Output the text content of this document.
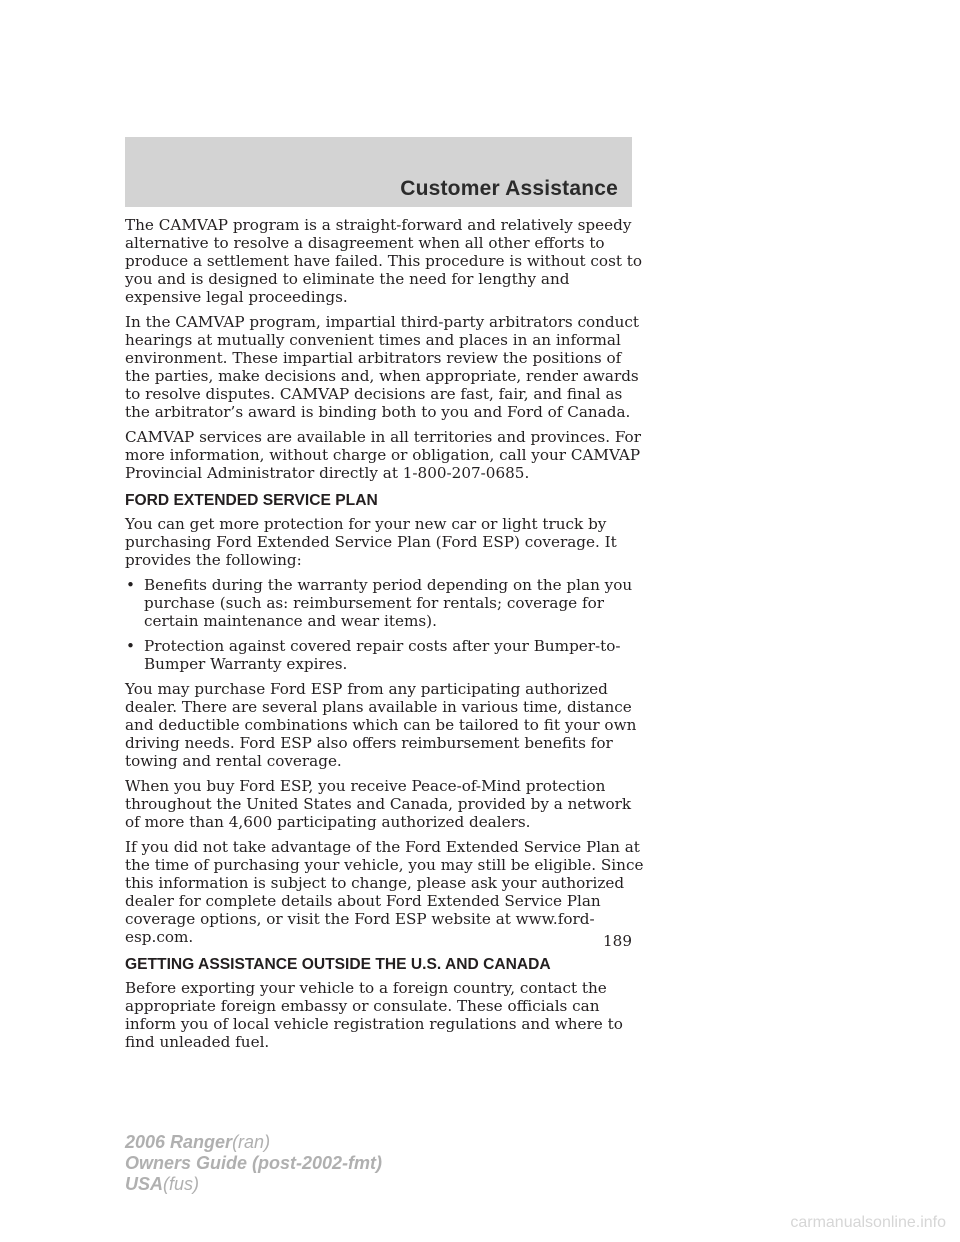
Customer Assistance

The CAMVAP program is a straight-forward and relatively speedy alternative to resolve a disagreement when all other efforts to produce a settlement have failed. This procedure is without cost to you and is designed to eliminate the need for lengthy and expensive legal proceedings.

In the CAMVAP program, impartial third-party arbitrators conduct hearings at mutually convenient times and places in an informal environment. These impartial arbitrators review the positions of the parties, make decisions and, when appropriate, render awards to resolve disputes. CAMVAP decisions are fast, fair, and final as the arbitrator’s award is binding both to you and Ford of Canada.

CAMVAP services are available in all territories and provinces. For more information, without charge or obligation, call your CAMVAP Provincial Administrator directly at 1-800-207-0685.

FORD EXTENDED SERVICE PLAN

You can get more protection for your new car or light truck by purchasing Ford Extended Service Plan (Ford ESP) coverage. It provides the following:

• Benefits during the warranty period depending on the plan you purchase (such as: reimbursement for rentals; coverage for certain maintenance and wear items).
• Protection against covered repair costs after your Bumper-to-Bumper Warranty expires.

You may purchase Ford ESP from any participating authorized dealer. There are several plans available in various time, distance and deductible combinations which can be tailored to fit your own driving needs. Ford ESP also offers reimbursement benefits for towing and rental coverage.

When you buy Ford ESP, you receive Peace-of-Mind protection throughout the United States and Canada, provided by a network of more than 4,600 participating authorized dealers.

If you did not take advantage of the Ford Extended Service Plan at the time of purchasing your vehicle, you may still be eligible. Since this information is subject to change, please ask your authorized dealer for complete details about Ford Extended Service Plan coverage options, or visit the Ford ESP website at www.ford-esp.com.

GETTING ASSISTANCE OUTSIDE THE U.S. AND CANADA

Before exporting your vehicle to a foreign country, contact the appropriate foreign embassy or consulate. These officials can inform you of local vehicle registration regulations and where to find unleaded fuel.

189
2006 Ranger(ran)
Owners Guide (post-2002-fmt)
USA(fus)
carmanualsonline.info
